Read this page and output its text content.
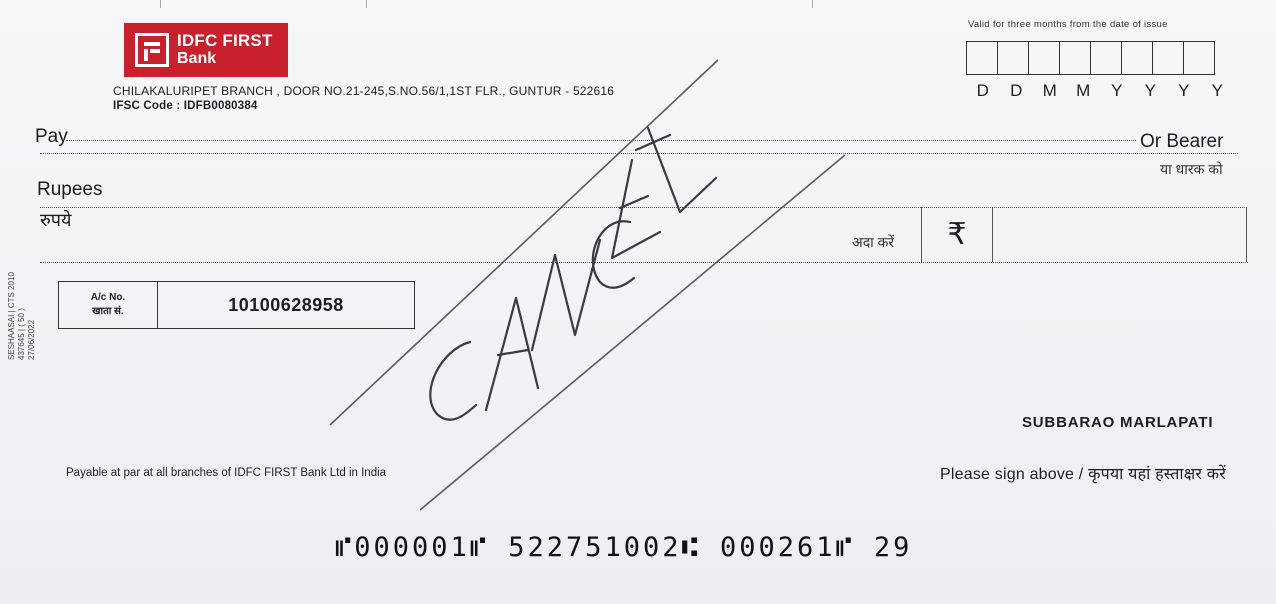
IDFC FIRST
Bank
CHILAKALURIPET BRANCH , DOOR NO.21-245,S.NO.56/1,1ST FLR., GUNTUR - 522616
IFSC Code : IDFB0080384
Valid for three months from the date of issue
D	D	M	M	Y	Y	Y	Y
Pay	Or Bearer
या धारक को
Rupees
रुपये
अदा करें ₹
A/c No.
खाता सं.	10100628958
SESHAASAI | CTS 2010 437645 | ( 50 ) 27/06/2022
SUBBARAO MARLAPATI
Payable at par at all branches of IDFC FIRST Bank Ltd in India	Please sign above / कृपया यहां हस्ताक्षर करें
⑈000001⑈ 522751002⑆ 000261⑈ 29
